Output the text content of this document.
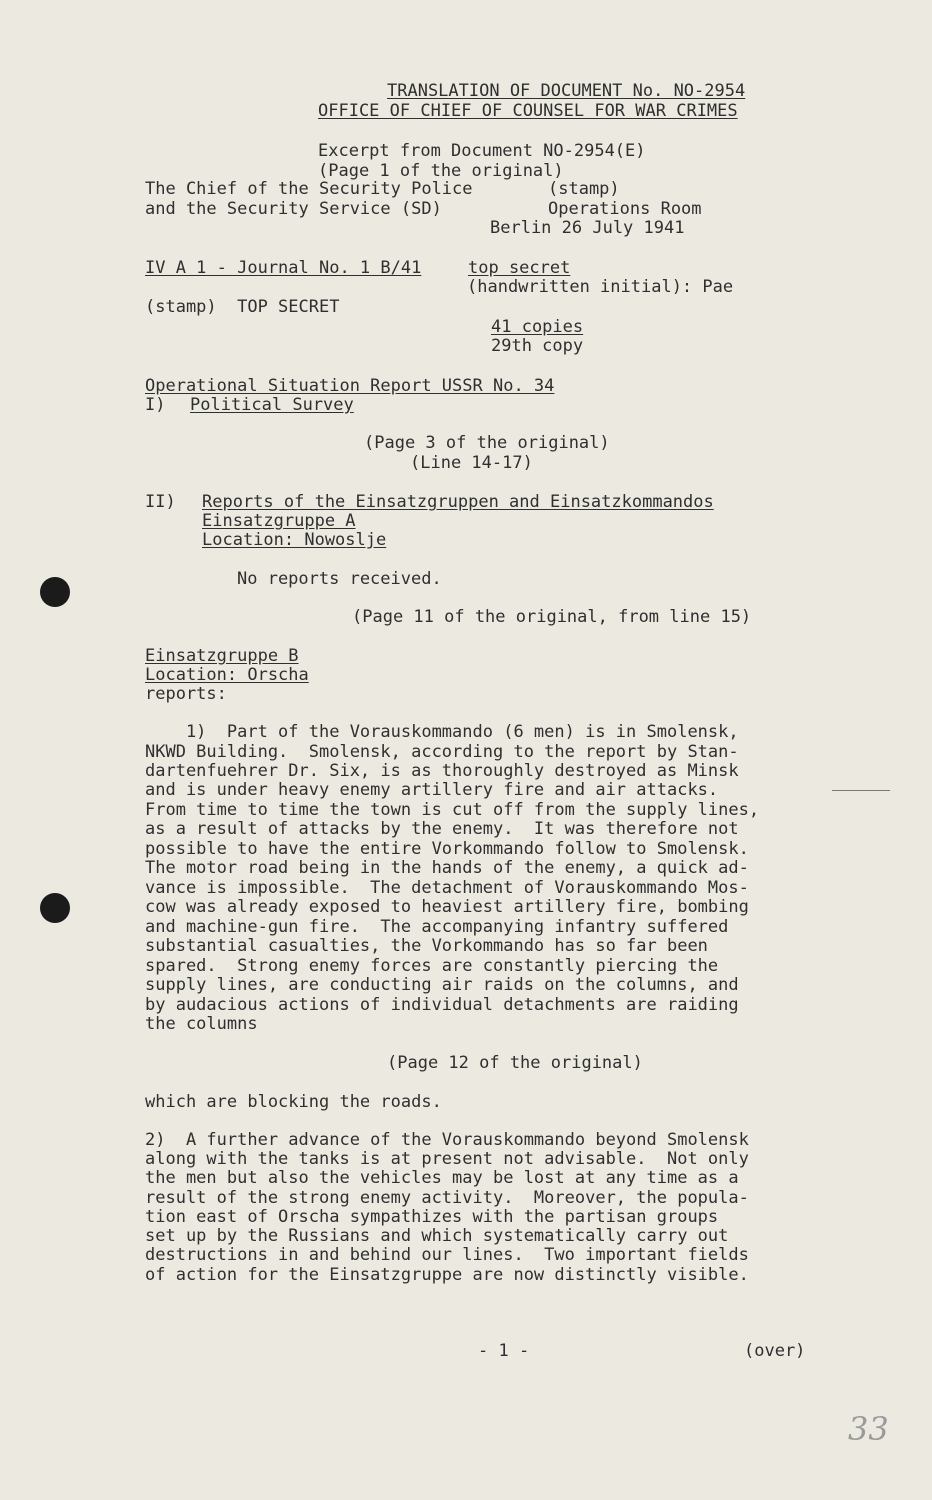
TRANSLATION OF DOCUMENT No. NO-2954
OFFICE OF CHIEF OF COUNSEL FOR WAR CRIMES
Excerpt from Document NO-2954(E)
(Page 1 of the original)
The Chief of the Security Police	(stamp)
and the Security Service (SD)	Operations Room
Berlin 26 July 1941
IV A 1 - Journal No. 1 B/41	top secret
(handwritten initial): Pae
(stamp)  TOP SECRET
41 copies
29th copy
Operational Situation Report USSR No. 34
I) Political Survey
(Page 3 of the original)
(Line 14-17)
II) Reports of the Einsatzgruppen and Einsatzkommandos
Einsatzgruppe A
Location: Nowoslje
No reports received.
(Page 11 of the original, from line 15)
Einsatzgruppe B
Location: Orscha
reports:
1)  Part of the Vorauskommando (6 men) is in Smolensk,
NKWD Building.  Smolensk, according to the report by Stan-
dartenfuehrer Dr. Six, is as thoroughly destroyed as Minsk
and is under heavy enemy artillery fire and air attacks.
From time to time the town is cut off from the supply lines,
as a result of attacks by the enemy.  It was therefore not
possible to have the entire Vorkommando follow to Smolensk.
The motor road being in the hands of the enemy, a quick ad-
vance is impossible.  The detachment of Vorauskommando Mos-
cow was already exposed to heaviest artillery fire, bombing
and machine-gun fire.  The accompanying infantry suffered
substantial casualties, the Vorkommando has so far been
spared.  Strong enemy forces are constantly piercing the
supply lines, are conducting air raids on the columns, and
by audacious actions of individual detachments are raiding
the columns
(Page 12 of the original)
which are blocking the roads.
2)  A further advance of the Vorauskommando beyond Smolensk
along with the tanks is at present not advisable.  Not only
the men but also the vehicles may be lost at any time as a
result of the strong enemy activity.  Moreover, the popula-
tion east of Orscha sympathizes with the partisan groups
set up by the Russians and which systematically carry out
destructions in and behind our lines.  Two important fields
of action for the Einsatzgruppe are now distinctly visible.
- 1 -	(over)
33
